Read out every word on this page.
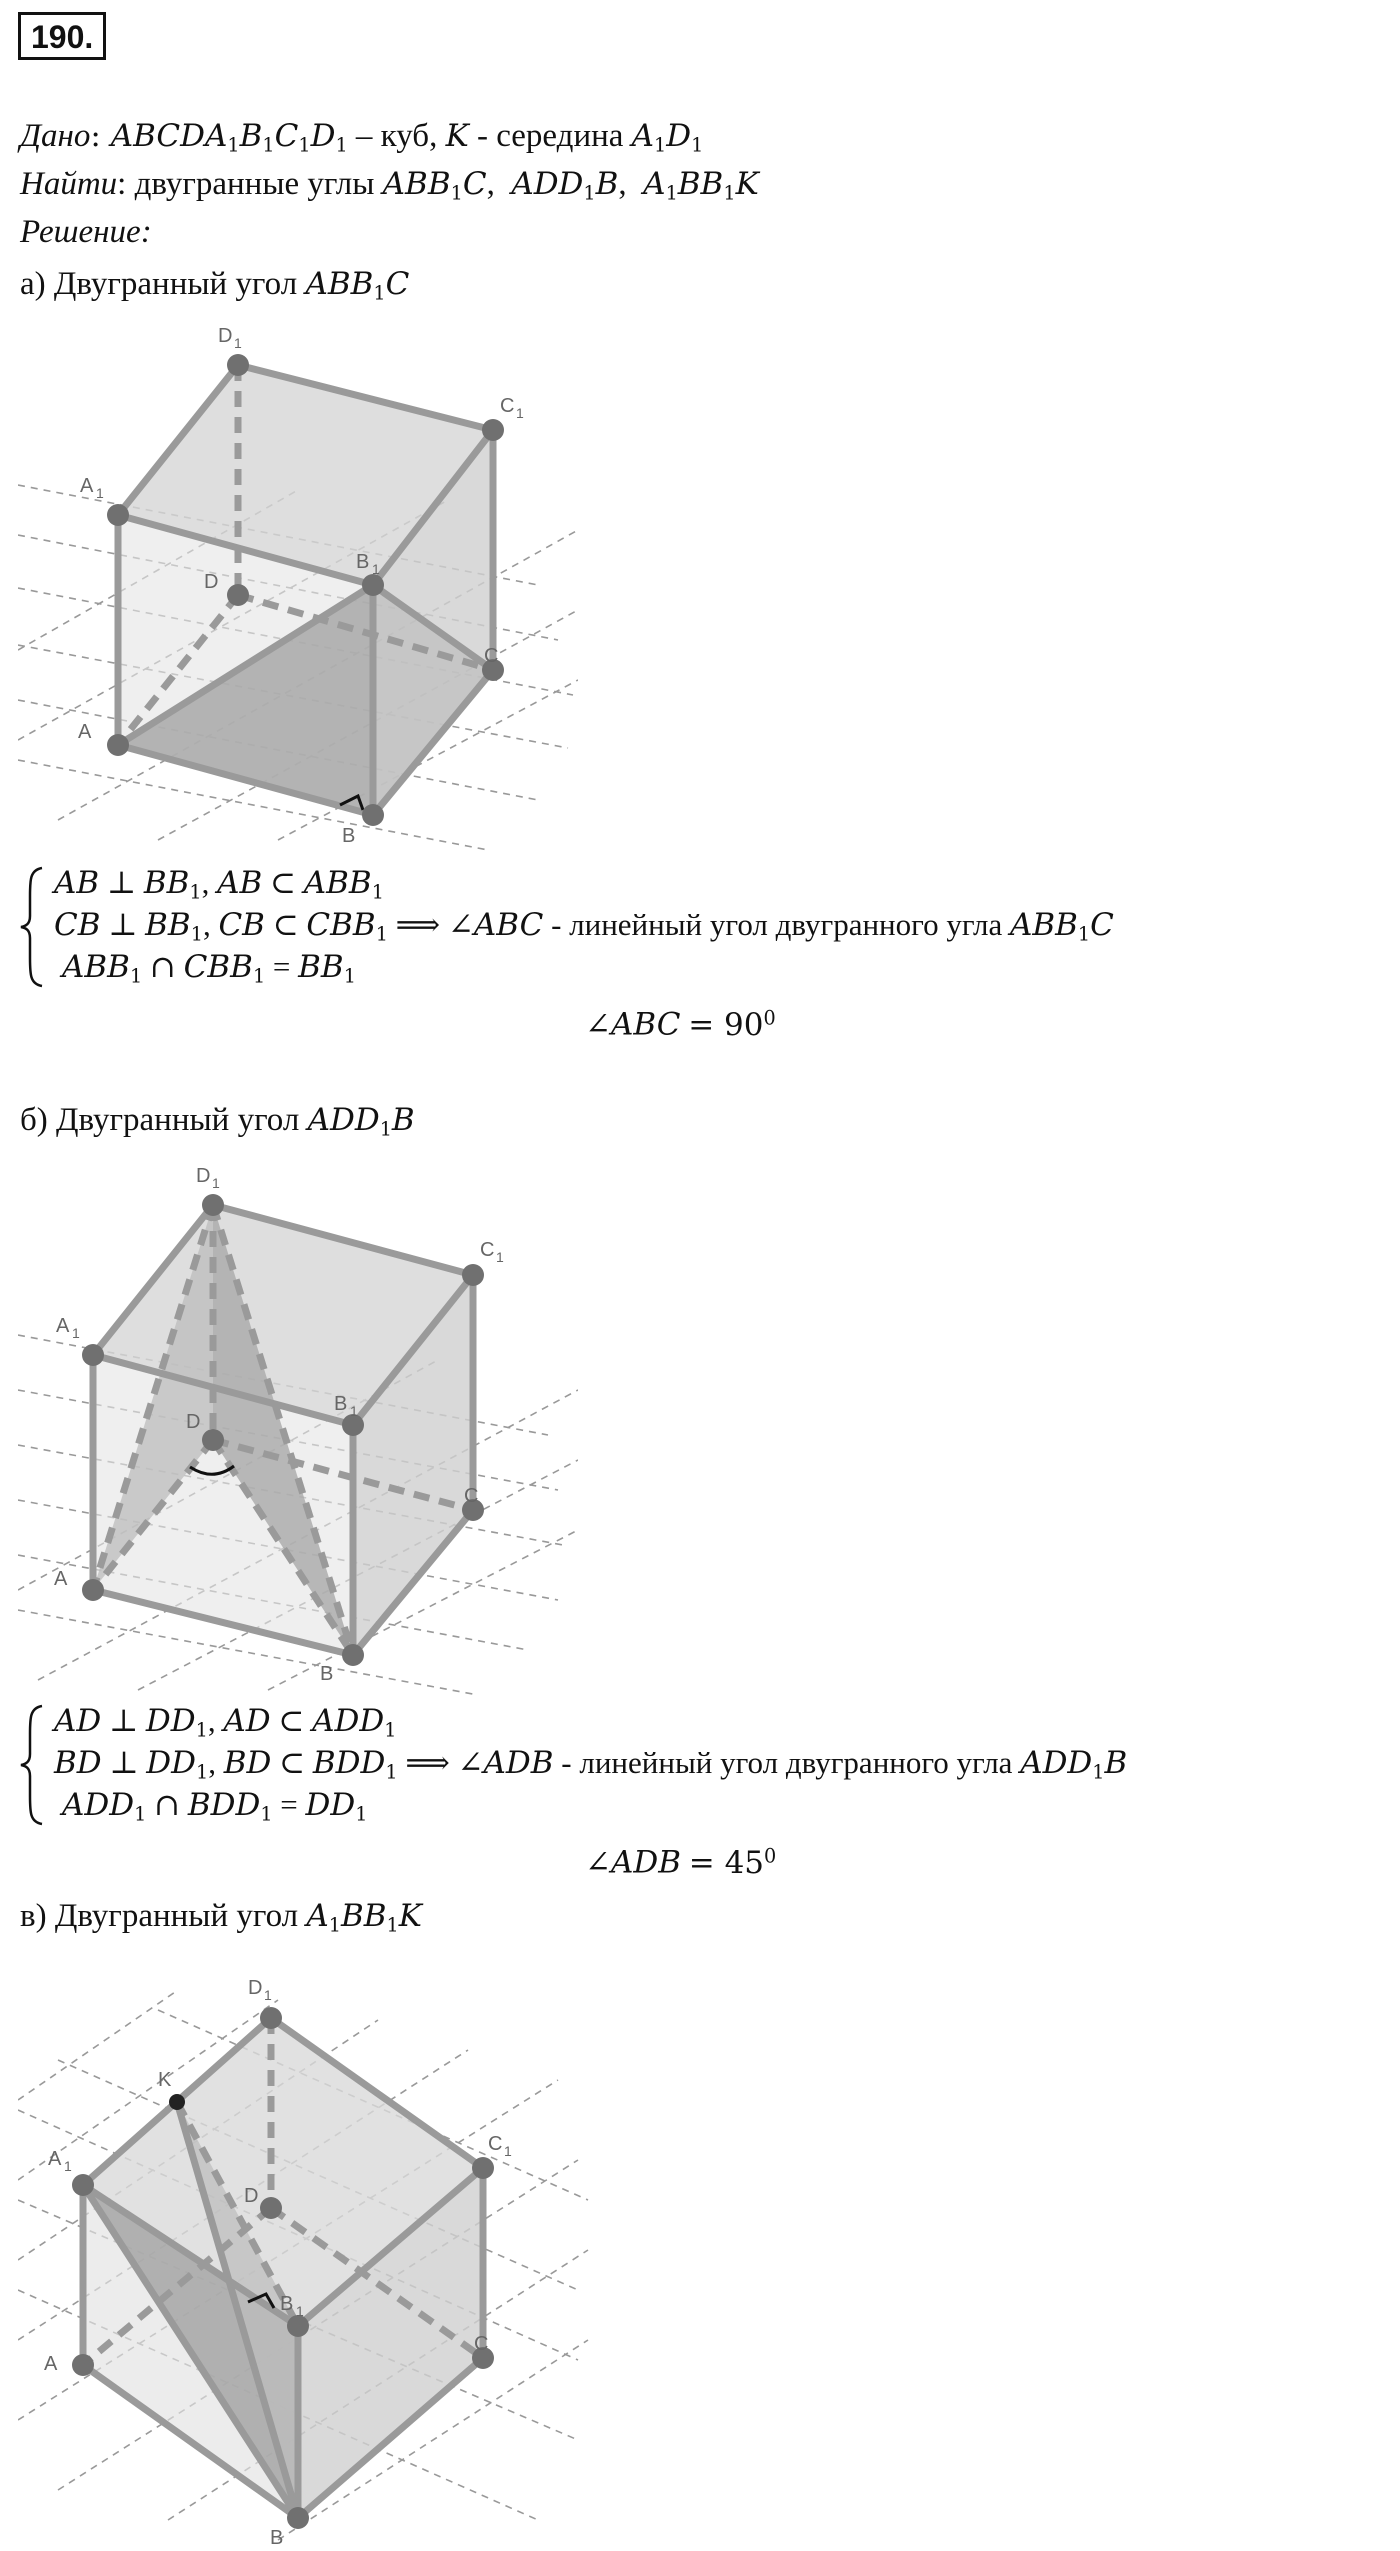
190.
Дано: $ABCDA_1B_1C_1D_1$ – куб, K - середина $A_1D_1$
Найти: двугранные углы $ABB_1C$,  $ADD_1B$,  $A_1BB_1K$
Решение:
а) Двугранный угол $ABB_1C$
A 1
D 1
C 1
B 1
D
C
A
B
AB ⊥ $BB_1$, AB ⊂ $ABB_1$
CB ⊥ $BB_1$, CB ⊂ $CBB_1$ ⟹ ∠ABC - линейный угол двугранного угла $ABB_1C$
$ABB_1$ ∩ $CBB_1 = BB_1$
∠ABC = $90^0$
б) Двугранный угол $ADD_1B$
A 1
D 1
C 1
B 1
D
C
A
B
AD ⊥ $DD_1$, AD ⊂ $ADD_1$
BD ⊥ $DD_1$, BD ⊂ $BDD_1$ ⟹ ∠ADB - линейный угол двугранного угла $ADD_1B$
$ADD_1$ ∩ $BDD_1 = DD_1$
∠ADB = $45^0$
в) Двугранный угол $A_1BB_1K$
A 1
D 1
C 1
B 1
D
C
A
B
K
